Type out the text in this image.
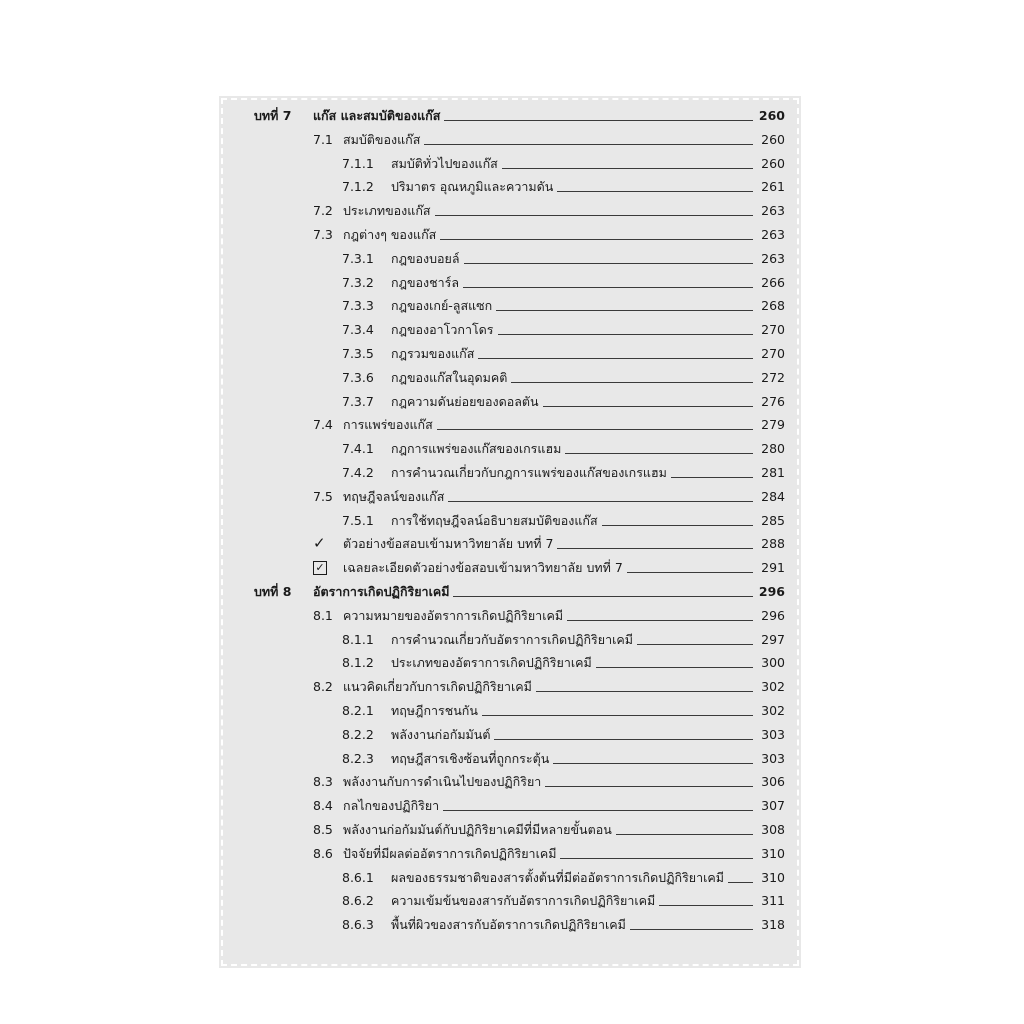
บทที่ 7 แก๊ส และสมบัติของแก๊ส	260
7.1 สมบัติของแก๊ส	260
7.1.1 สมบัติทั่วไปของแก๊ส	260
7.1.2 ปริมาตร อุณหภูมิและความดัน	261
7.2 ประเภทของแก๊ส	263
7.3 กฎต่างๆ ของแก๊ส	263
7.3.1 กฎของบอยล์	263
7.3.2 กฎของชาร์ล	266
7.3.3 กฎของเกย์-ลูสแซก	268
7.3.4 กฎของอาโวกาโดร	270
7.3.5 กฎรวมของแก๊ส	270
7.3.6 กฎของแก๊สในอุดมคติ	272
7.3.7 กฎความดันย่อยของดอลตัน	276
7.4 การแพร่ของแก๊ส	279
7.4.1 กฎการแพร่ของแก๊สของเกรแฮม	280
7.4.2 การคำนวณเกี่ยวกับกฎการแพร่ของแก๊สของเกรแฮม	281
7.5 ทฤษฎีจลน์ของแก๊ส	284
7.5.1 การใช้ทฤษฎีจลน์อธิบายสมบัติของแก๊ส	285
✓ ตัวอย่างข้อสอบเข้ามหาวิทยาลัย บทที่ 7	288
✓ เฉลยละเอียดตัวอย่างข้อสอบเข้ามหาวิทยาลัย บทที่ 7	291
บทที่ 8 อัตราการเกิดปฏิกิริยาเคมี	296
8.1 ความหมายของอัตราการเกิดปฏิกิริยาเคมี	296
8.1.1 การคำนวณเกี่ยวกับอัตราการเกิดปฏิกิริยาเคมี	297
8.1.2 ประเภทของอัตราการเกิดปฏิกิริยาเคมี	300
8.2 แนวคิดเกี่ยวกับการเกิดปฏิกิริยาเคมี	302
8.2.1 ทฤษฎีการชนกัน	302
8.2.2 พลังงานก่อกัมมันต์	303
8.2.3 ทฤษฎีสารเชิงซ้อนที่ถูกกระตุ้น	303
8.3 พลังงานกับการดำเนินไปของปฏิกิริยา	306
8.4 กลไกของปฏิกิริยา	307
8.5 พลังงานก่อกัมมันต์กับปฏิกิริยาเคมีที่มีหลายขั้นตอน	308
8.6 ปัจจัยที่มีผลต่ออัตราการเกิดปฏิกิริยาเคมี	310
8.6.1 ผลของธรรมชาติของสารตั้งต้นที่มีต่ออัตราการเกิดปฏิกิริยาเคมี	310
8.6.2 ความเข้มข้นของสารกับอัตราการเกิดปฏิกิริยาเคมี	311
8.6.3 พื้นที่ผิวของสารกับอัตราการเกิดปฏิกิริยาเคมี	318
